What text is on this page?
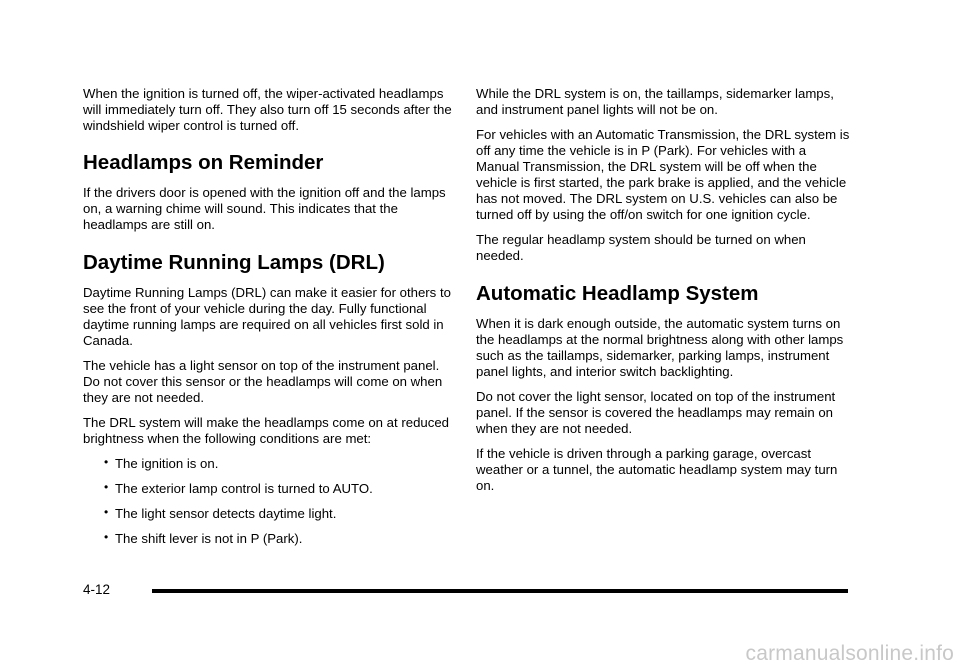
When the ignition is turned off, the wiper-activated headlamps will immediately turn off. They also turn off 15 seconds after the windshield wiper control is turned off.

Headlamps on Reminder

If the drivers door is opened with the ignition off and the lamps on, a warning chime will sound. This indicates that the headlamps are still on.

Daytime Running Lamps (DRL)

Daytime Running Lamps (DRL) can make it easier for others to see the front of your vehicle during the day. Fully functional daytime running lamps are required on all vehicles first sold in Canada.

The vehicle has a light sensor on top of the instrument panel. Do not cover this sensor or the headlamps will come on when they are not needed.

The DRL system will make the headlamps come on at reduced brightness when the following conditions are met:

• The ignition is on.
• The exterior lamp control is turned to AUTO.
• The light sensor detects daytime light.
• The shift lever is not in P (Park).

While the DRL system is on, the taillamps, sidemarker lamps, and instrument panel lights will not be on.

For vehicles with an Automatic Transmission, the DRL system is off any time the vehicle is in P (Park). For vehicles with a Manual Transmission, the DRL system will be off when the vehicle is first started, the park brake is applied, and the vehicle has not moved. The DRL system on U.S. vehicles can also be turned off by using the off/on switch for one ignition cycle.

The regular headlamp system should be turned on when needed.

Automatic Headlamp System

When it is dark enough outside, the automatic system turns on the headlamps at the normal brightness along with other lamps such as the taillamps, sidemarker, parking lamps, instrument panel lights, and interior switch backlighting.

Do not cover the light sensor, located on top of the instrument panel. If the sensor is covered the headlamps may remain on when they are not needed.

If the vehicle is driven through a parking garage, overcast weather or a tunnel, the automatic headlamp system may turn on.

4-12
carmanualsonline.info
